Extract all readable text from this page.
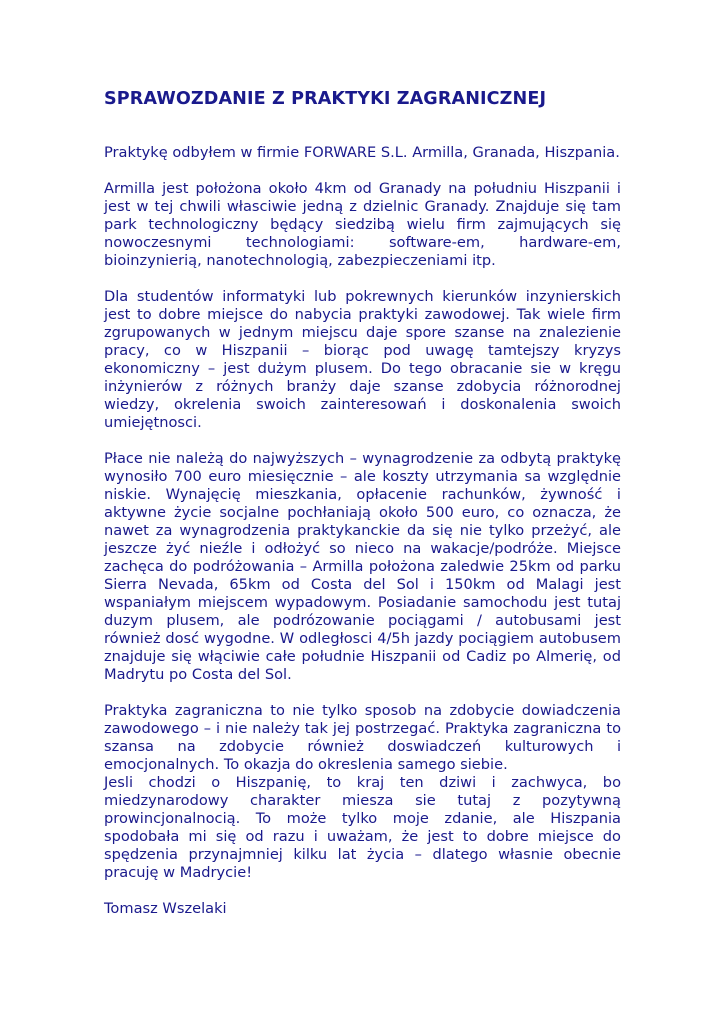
SPRAWOZDANIE Z PRAKTYKI ZAGRANICZNEJ

Praktykę odbyłem w firmie FORWARE S.L. Armilla, Granada, Hiszpania.

Armilla jest położona około 4km od Granady na południu Hiszpanii i jest w tej chwili własciwie jedną z dzielnic Granady. Znajduje się tam park technologiczny będący siedzibą wielu firm zajmujących się nowoczesnymi technologiami: software-em, hardware-em, bioinzynierią, nanotechnologią, zabezpieczeniami itp.

Dla studentów informatyki lub pokrewnych kierunków inzynierskich jest to dobre miejsce do nabycia praktyki zawodowej. Tak wiele firm zgrupowanych w jednym miejscu daje spore szanse na znalezienie pracy, co w Hiszpanii – biorąc pod uwagę tamtejszy kryzys ekonomiczny – jest dużym plusem. Do tego obracanie sie w kręgu inżynierów z różnych branży daje szanse zdobycia różnorodnej wiedzy, okrelenia swoich zainteresowań i doskonalenia swoich umiejętnosci.

Płace nie należą do najwyższych – wynagrodzenie za odbytą praktykę wynosiło 700 euro miesięcznie – ale koszty utrzymania sa względnie niskie. Wynajęcię mieszkania, opłacenie rachunków, żywność i aktywne życie socjalne pochłaniają około 500 euro, co oznacza, że nawet za wynagrodzenia praktykanckie da się nie tylko przeżyć, ale jeszcze żyć nieźle i odłożyć so nieco na wakacje/podróże. Miejsce zachęca do podróżowania – Armilla położona zaledwie 25km od parku Sierra Nevada, 65km od Costa del Sol i 150km od Malagi jest wspaniałym miejscem wypadowym. Posiadanie samochodu jest tutaj duzym plusem, ale podrózowanie pociągami / autobusami jest również dosć wygodne. W odległosci 4/5h jazdy pociągiem autobusem znajduje się włąciwie całe południe Hiszpanii od Cadiz po Almerię, od Madrytu po Costa del Sol.

Praktyka zagraniczna to nie tylko sposob na zdobycie dowiadczenia zawodowego – i nie należy tak jej postrzegać. Praktyka zagraniczna to szansa na zdobycie również doswiadczeń kulturowych i emocjonalnych. To okazja do okreslenia samego siebie.

Jesli chodzi o Hiszpanię, to kraj ten dziwi i zachwyca, bo miedzynarodowy charakter miesza sie tutaj z pozytywną prowincjonalnocią. To może tylko moje zdanie, ale Hiszpania spodobała mi się od razu i uważam, że jest to dobre miejsce do spędzenia przynajmniej kilku lat życia – dlatego własnie obecnie pracuję w Madrycie!

Tomasz Wszelaki
